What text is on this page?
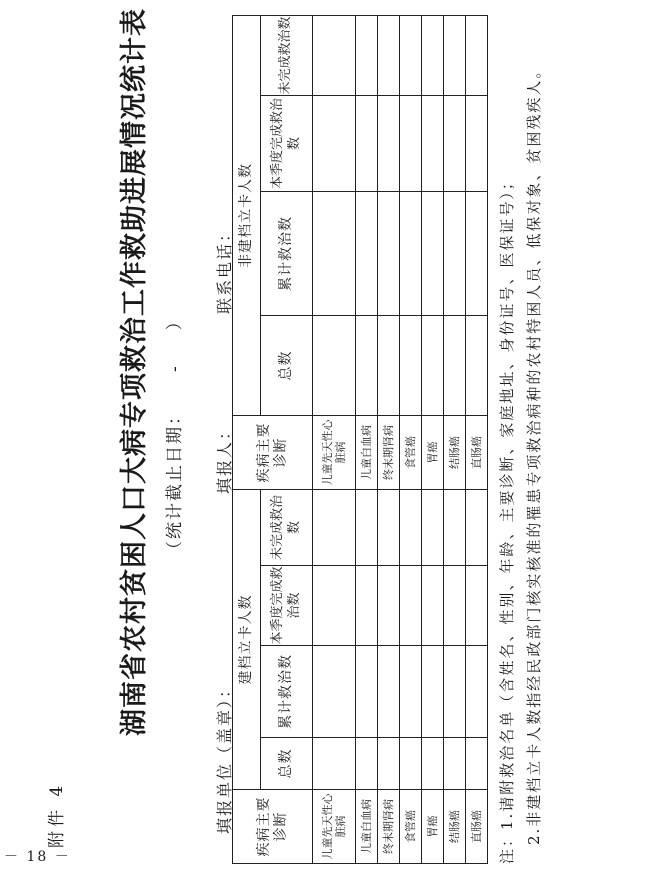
附件 4
湖南省农村贫困人口大病专项救治工作救助进展情况统计表 （统计截止日期：-）
填报单位（盖章）：
填报人：
联系电话：
疾病主要诊断	建档立卡人数				疾病主要诊断	非建档立卡人数			
	总数	累计救治数	本季度完成救治数	未完成救治数		总数	累计救治数	本季度完成救治数	未完成救治数
儿童先天性心脏病					儿童先天性心脏病				
儿童白血病					儿童白血病				
终末期肾病					终末期肾病				
食管癌					食管癌				
胃癌					胃癌				
结肠癌					结肠癌				
直肠癌					直肠癌				注：1.请附救治名单（含姓名、性别、年龄、主要诊断、家庭地址、身份证号、医保证号）； 2.非建档立卡人数指经民政部门核实核准的罹患专项救治病种的农村特困人员、低保对象、贫困残疾人。
－ 18 －
